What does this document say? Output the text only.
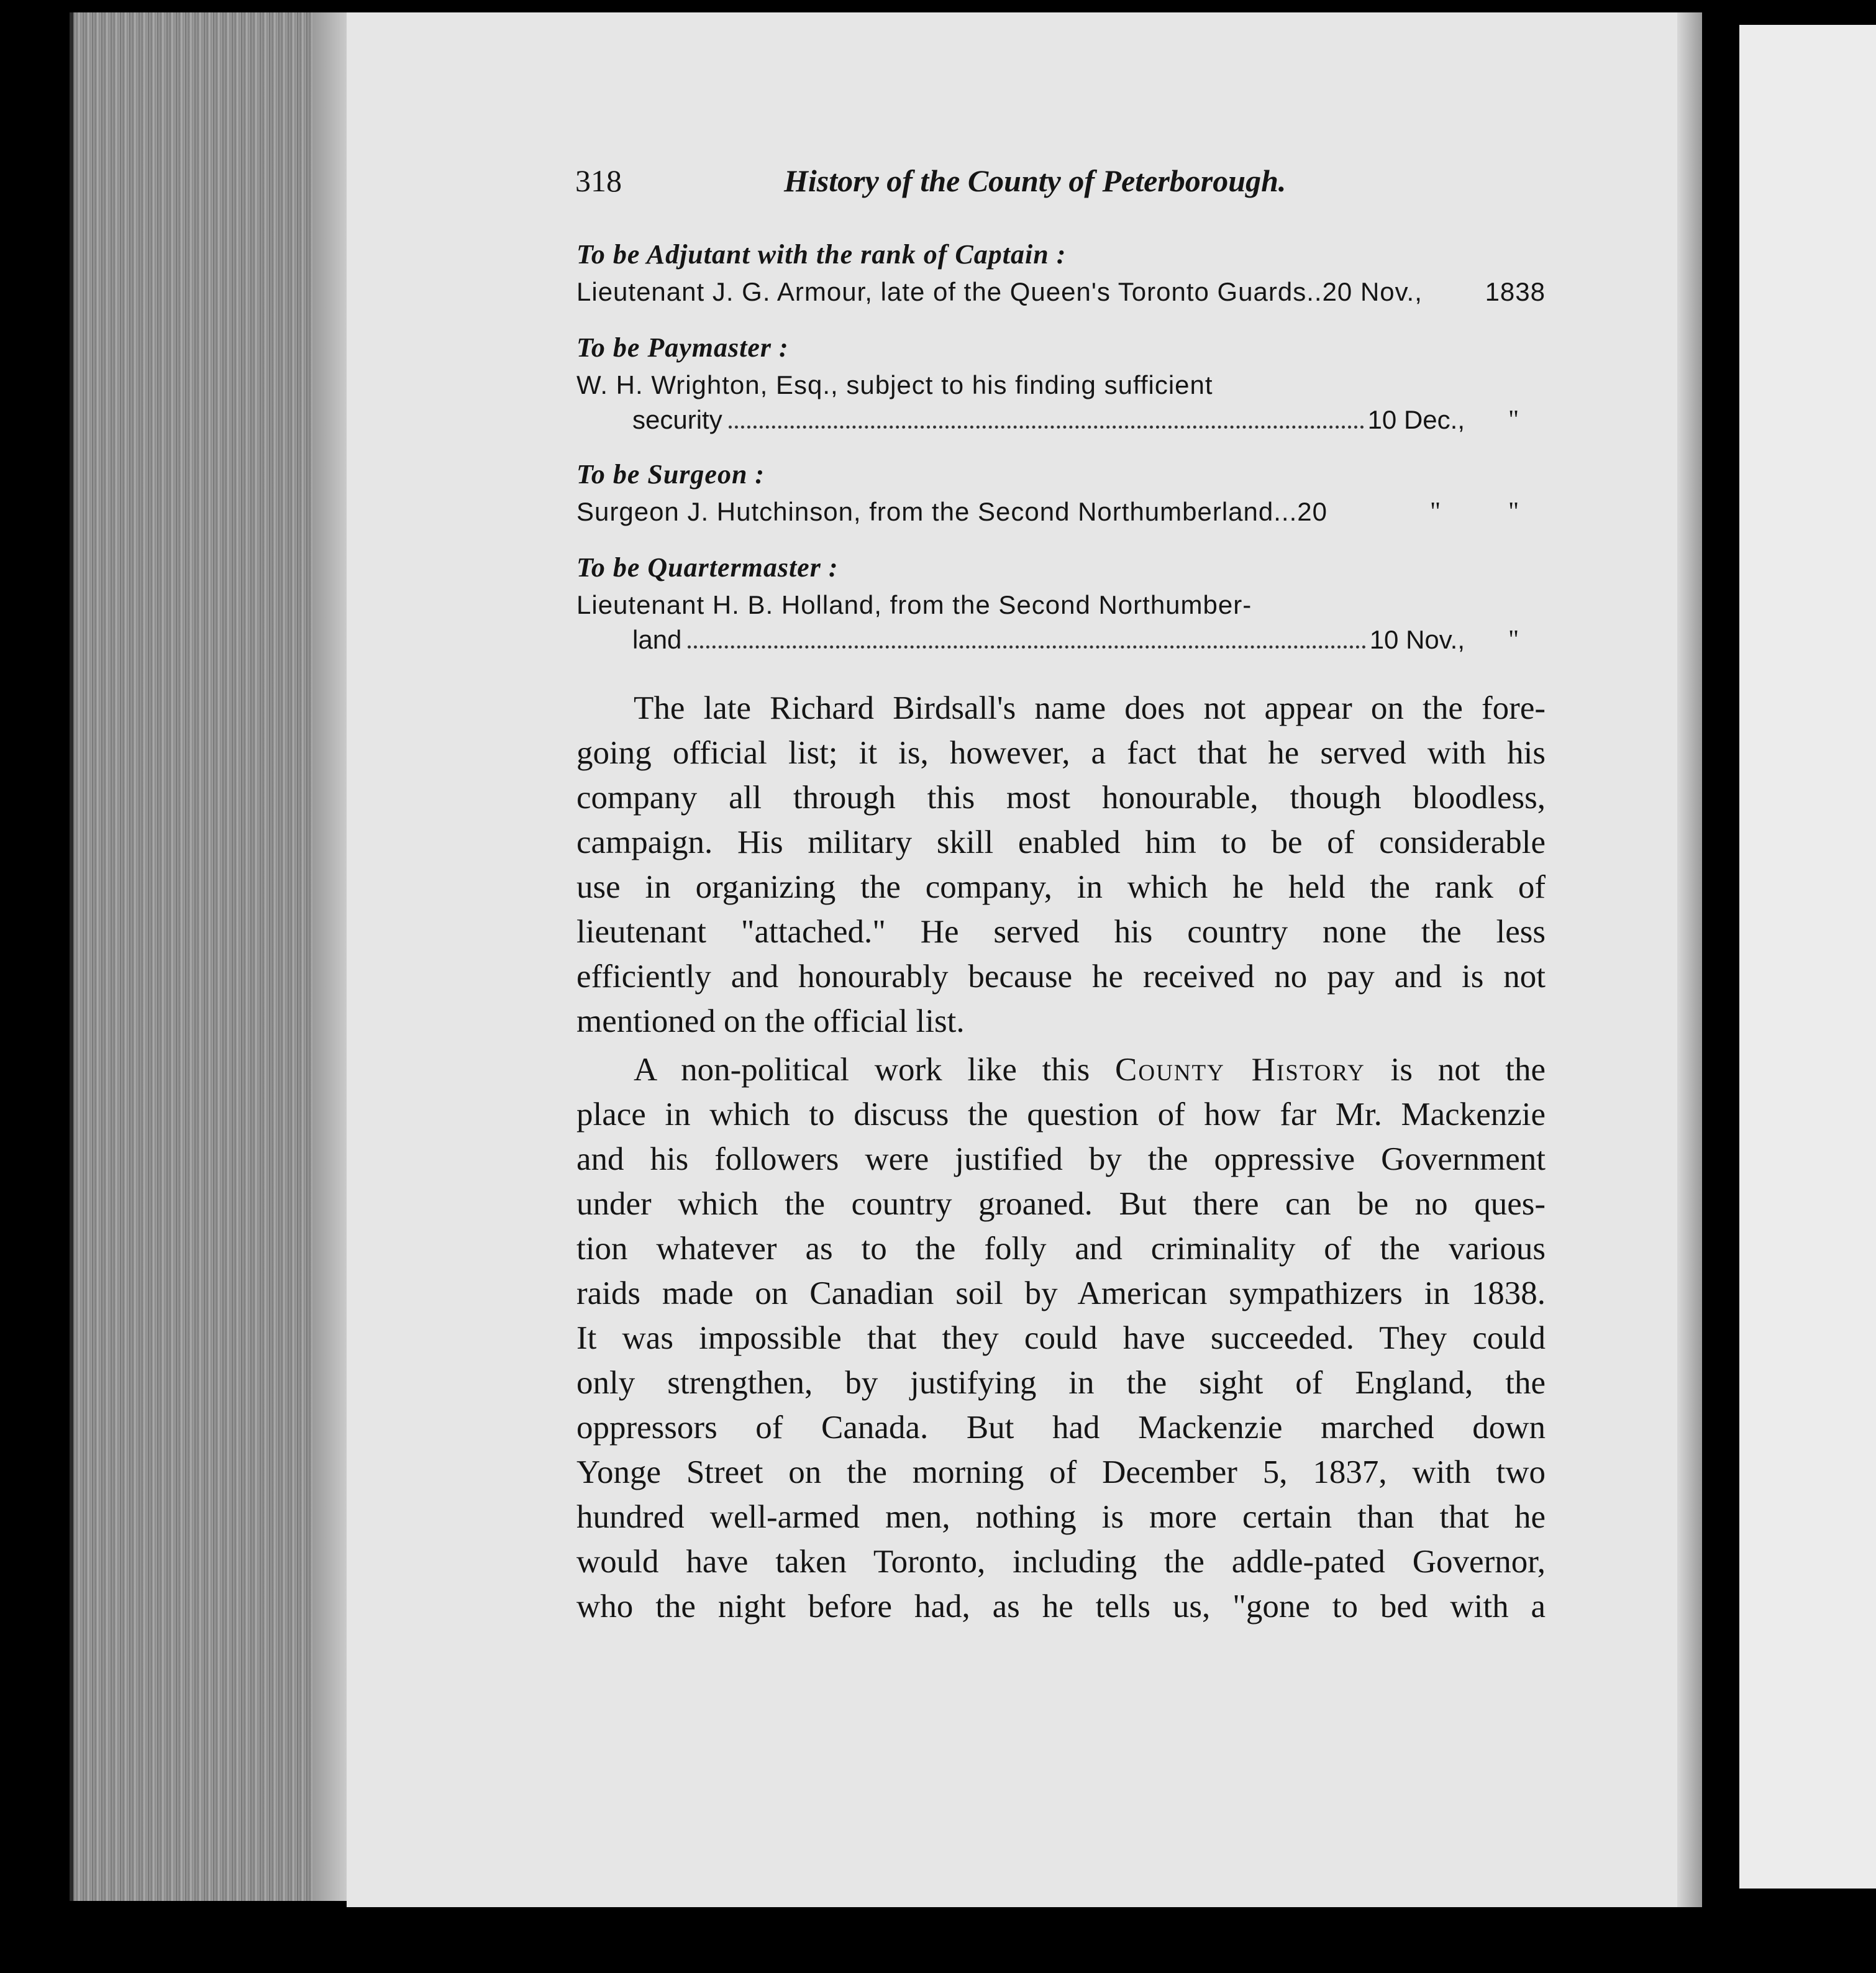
318	History of the County of Peterborough.
To be Adjutant with the rank of Captain :
Lieutenant J. G. Armour, late of the Queen's Toronto Guards..20 Nov., 1838
To be Paymaster :
W. H. Wrighton, Esq., subject to his finding sufficient
security	10 Dec., "
To be Surgeon :
Surgeon J. Hutchinson, from the Second Northumberland...20	"	"
To be Quartermaster :
Lieutenant H. B. Holland, from the Second Northumber-
land	10 Nov., "
The late Richard Birdsall's name does not appear on the fore-
going official list; it is, however, a fact that he served with his
company all through this most honourable, though bloodless,
campaign. His military skill enabled him to be of considerable
use in organizing the company, in which he held the rank of
lieutenant "attached." He served his country none the less
efficiently and honourably because he received no pay and is not
mentioned on the official list.
A non-political work like this County History is not the
place in which to discuss the question of how far Mr. Mackenzie
and his followers were justified by the oppressive Government
under which the country groaned. But there can be no ques-
tion whatever as to the folly and criminality of the various
raids made on Canadian soil by American sympathizers in 1838.
It was impossible that they could have succeeded. They could
only strengthen, by justifying in the sight of England, the
oppressors of Canada. But had Mackenzie marched down
Yonge Street on the morning of December 5, 1837, with two
hundred well-armed men, nothing is more certain than that he
would have taken Toronto, including the addle-pated Governor,
who the night before had, as he tells us, "gone to bed with a
